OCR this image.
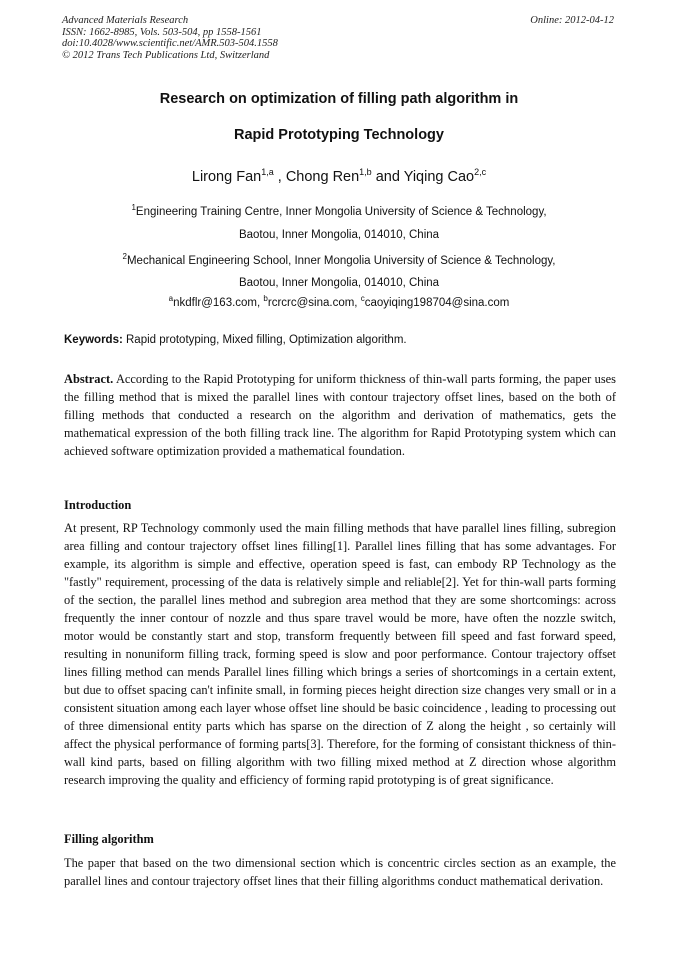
Advanced Materials Research
ISSN: 1662-8985, Vols. 503-504, pp 1558-1561
doi:10.4028/www.scientific.net/AMR.503-504.1558
© 2012 Trans Tech Publications Ltd, Switzerland
Online: 2012-04-12
Research on optimization of filling path algorithm in
Rapid Prototyping Technology
Lirong Fan$^{1,a}$ , Chong Ren$^{1,b}$ and Yiqing Cao$^{2,c}$
$^1$Engineering Training Centre, Inner Mongolia University of Science & Technology,
Baotou, Inner Mongolia, 014010, China
$^2$Mechanical Engineering School, Inner Mongolia University of Science & Technology,
Baotou, Inner Mongolia, 014010, China
$^a$nkdflr@163.com, $^b$rcrcrc@sina.com, $^c$caoyiqing198704@sina.com
Keywords: Rapid prototyping, Mixed filling, Optimization algorithm.

Abstract. According to the Rapid Prototyping for uniform thickness of thin-wall parts forming, the paper uses the filling method that is mixed the parallel lines with contour trajectory offset lines, based on the both of filling methods that conducted a research on the algorithm and derivation of mathematics, gets the mathematical expression of the both filling track line. The algorithm for Rapid Prototyping system which can achieved software optimization provided a mathematical foundation.

Introduction

At present, RP Technology commonly used the main filling methods that have parallel lines filling, subregion area filling and contour trajectory offset lines filling[1]. Parallel lines filling that has some advantages. For example, its algorithm is simple and effective, operation speed is fast, can embody RP Technology as the "fastly" requirement, processing of the data is relatively simple and reliable[2]. Yet for thin-wall parts forming of the section, the parallel lines method and subregion area method that they are some shortcomings: across frequently the inner contour of nozzle and thus spare travel would be more, have often the nozzle switch, motor would be constantly start and stop, transform frequently between fill speed and fast forward speed, resulting in nonuniform filling track, forming speed is slow and poor performance. Contour trajectory offset lines filling method can mends Parallel lines filling which brings a series of shortcomings in a certain extent, but due to offset spacing can't infinite small, in forming pieces height direction size changes very small or in a consistent situation among each layer whose offset line should be basic coincidence , leading to processing out of three dimensional entity parts which has sparse on the direction of Z along the height , so certainly will affect the physical performance of forming parts[3]. Therefore, for the forming of consistant thickness of thin-wall kind parts, based on filling algorithm with two filling mixed method at Z direction whose algorithm research improving the quality and efficiency of forming rapid prototyping is of great significance.

Filling algorithm

The paper that based on the two dimensional section which is concentric circles section as an example, the parallel lines and contour trajectory offset lines that their filling algorithms conduct mathematical derivation.
